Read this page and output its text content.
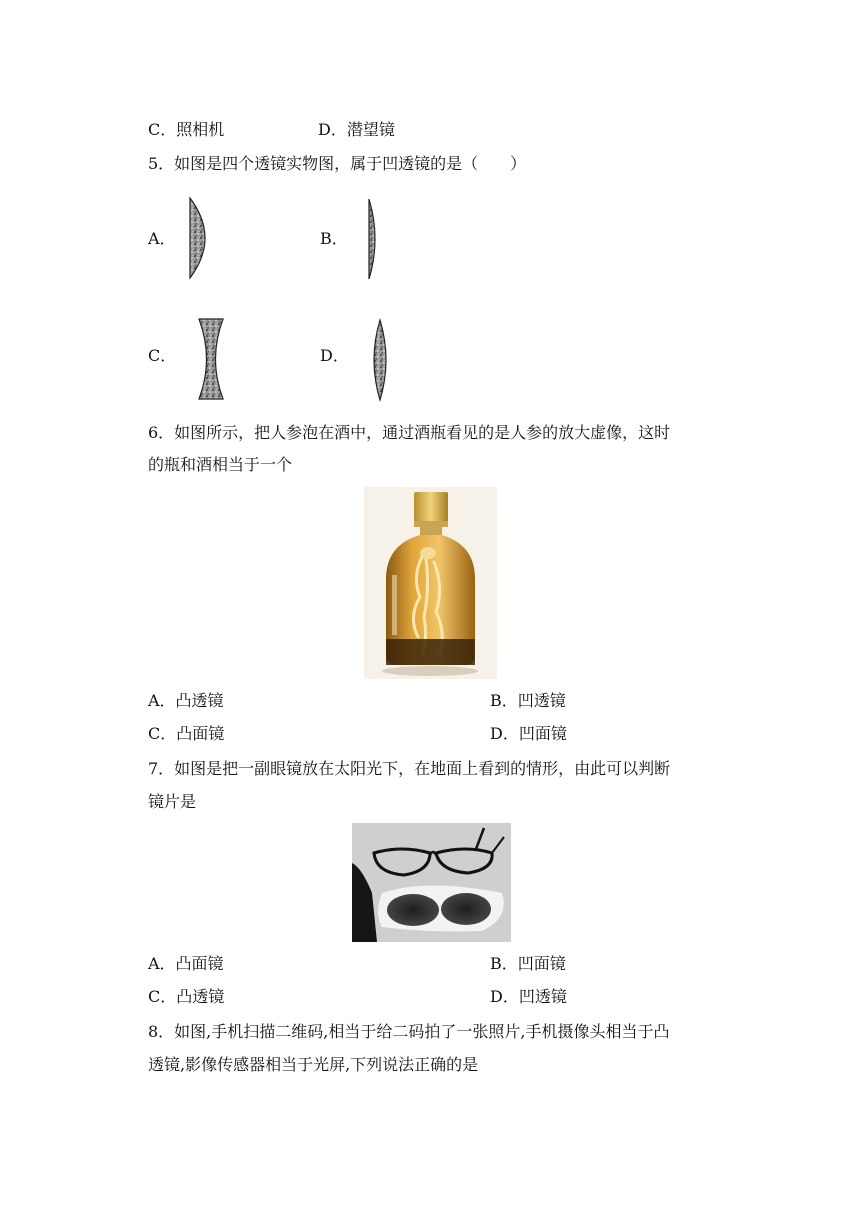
C．照相机	D．潜望镜
5．如图是四个透镜实物图，属于凹透镜的是（　　）
A．	B．
C．	D．
6．如图所示，把人参泡在酒中，通过酒瓶看见的是人参的放大虚像，这时
的瓶和酒相当于一个
A．凸透镜	B．凹透镜
C．凸面镜	D．凹面镜
7．如图是把一副眼镜放在太阳光下，在地面上看到的情形，由此可以判断
镜片是
A．凸面镜	B．凹面镜
C．凸透镜	D．凹透镜
8．如图,手机扫描二维码,相当于给二码拍了一张照片,手机摄像头相当于凸
透镜,影像传感器相当于光屏,下列说法正确的是
